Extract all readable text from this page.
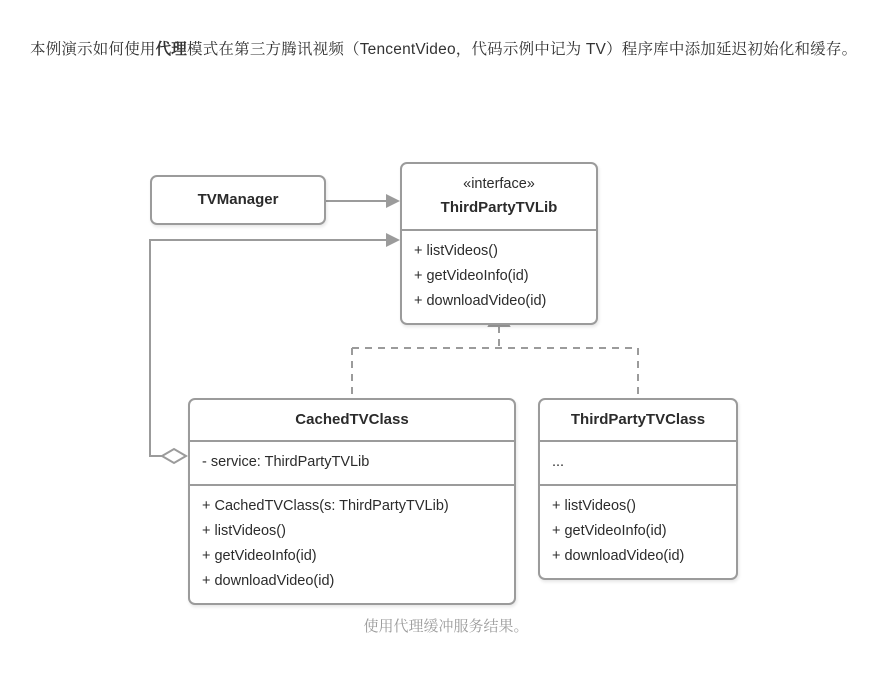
本例演示如何使用代理模式在第三方腾讯视频（TencentVideo，代码示例中记为 TV）程序库中添加延迟初始化和缓存。

TVManager
«interface»
ThirdPartyTVLib
+ listVideos()
+ getVideoInfo(id)
+ downloadVideo(id)
CachedTVClass
- service: ThirdPartyTVLib
+ CachedTVClass(s: ThirdPartyTVLib)
+ listVideos()
+ getVideoInfo(id)
+ downloadVideo(id)
ThirdPartyTVClass
...
+ listVideos()
+ getVideoInfo(id)
+ downloadVideo(id)
使用代理缓冲服务结果。
